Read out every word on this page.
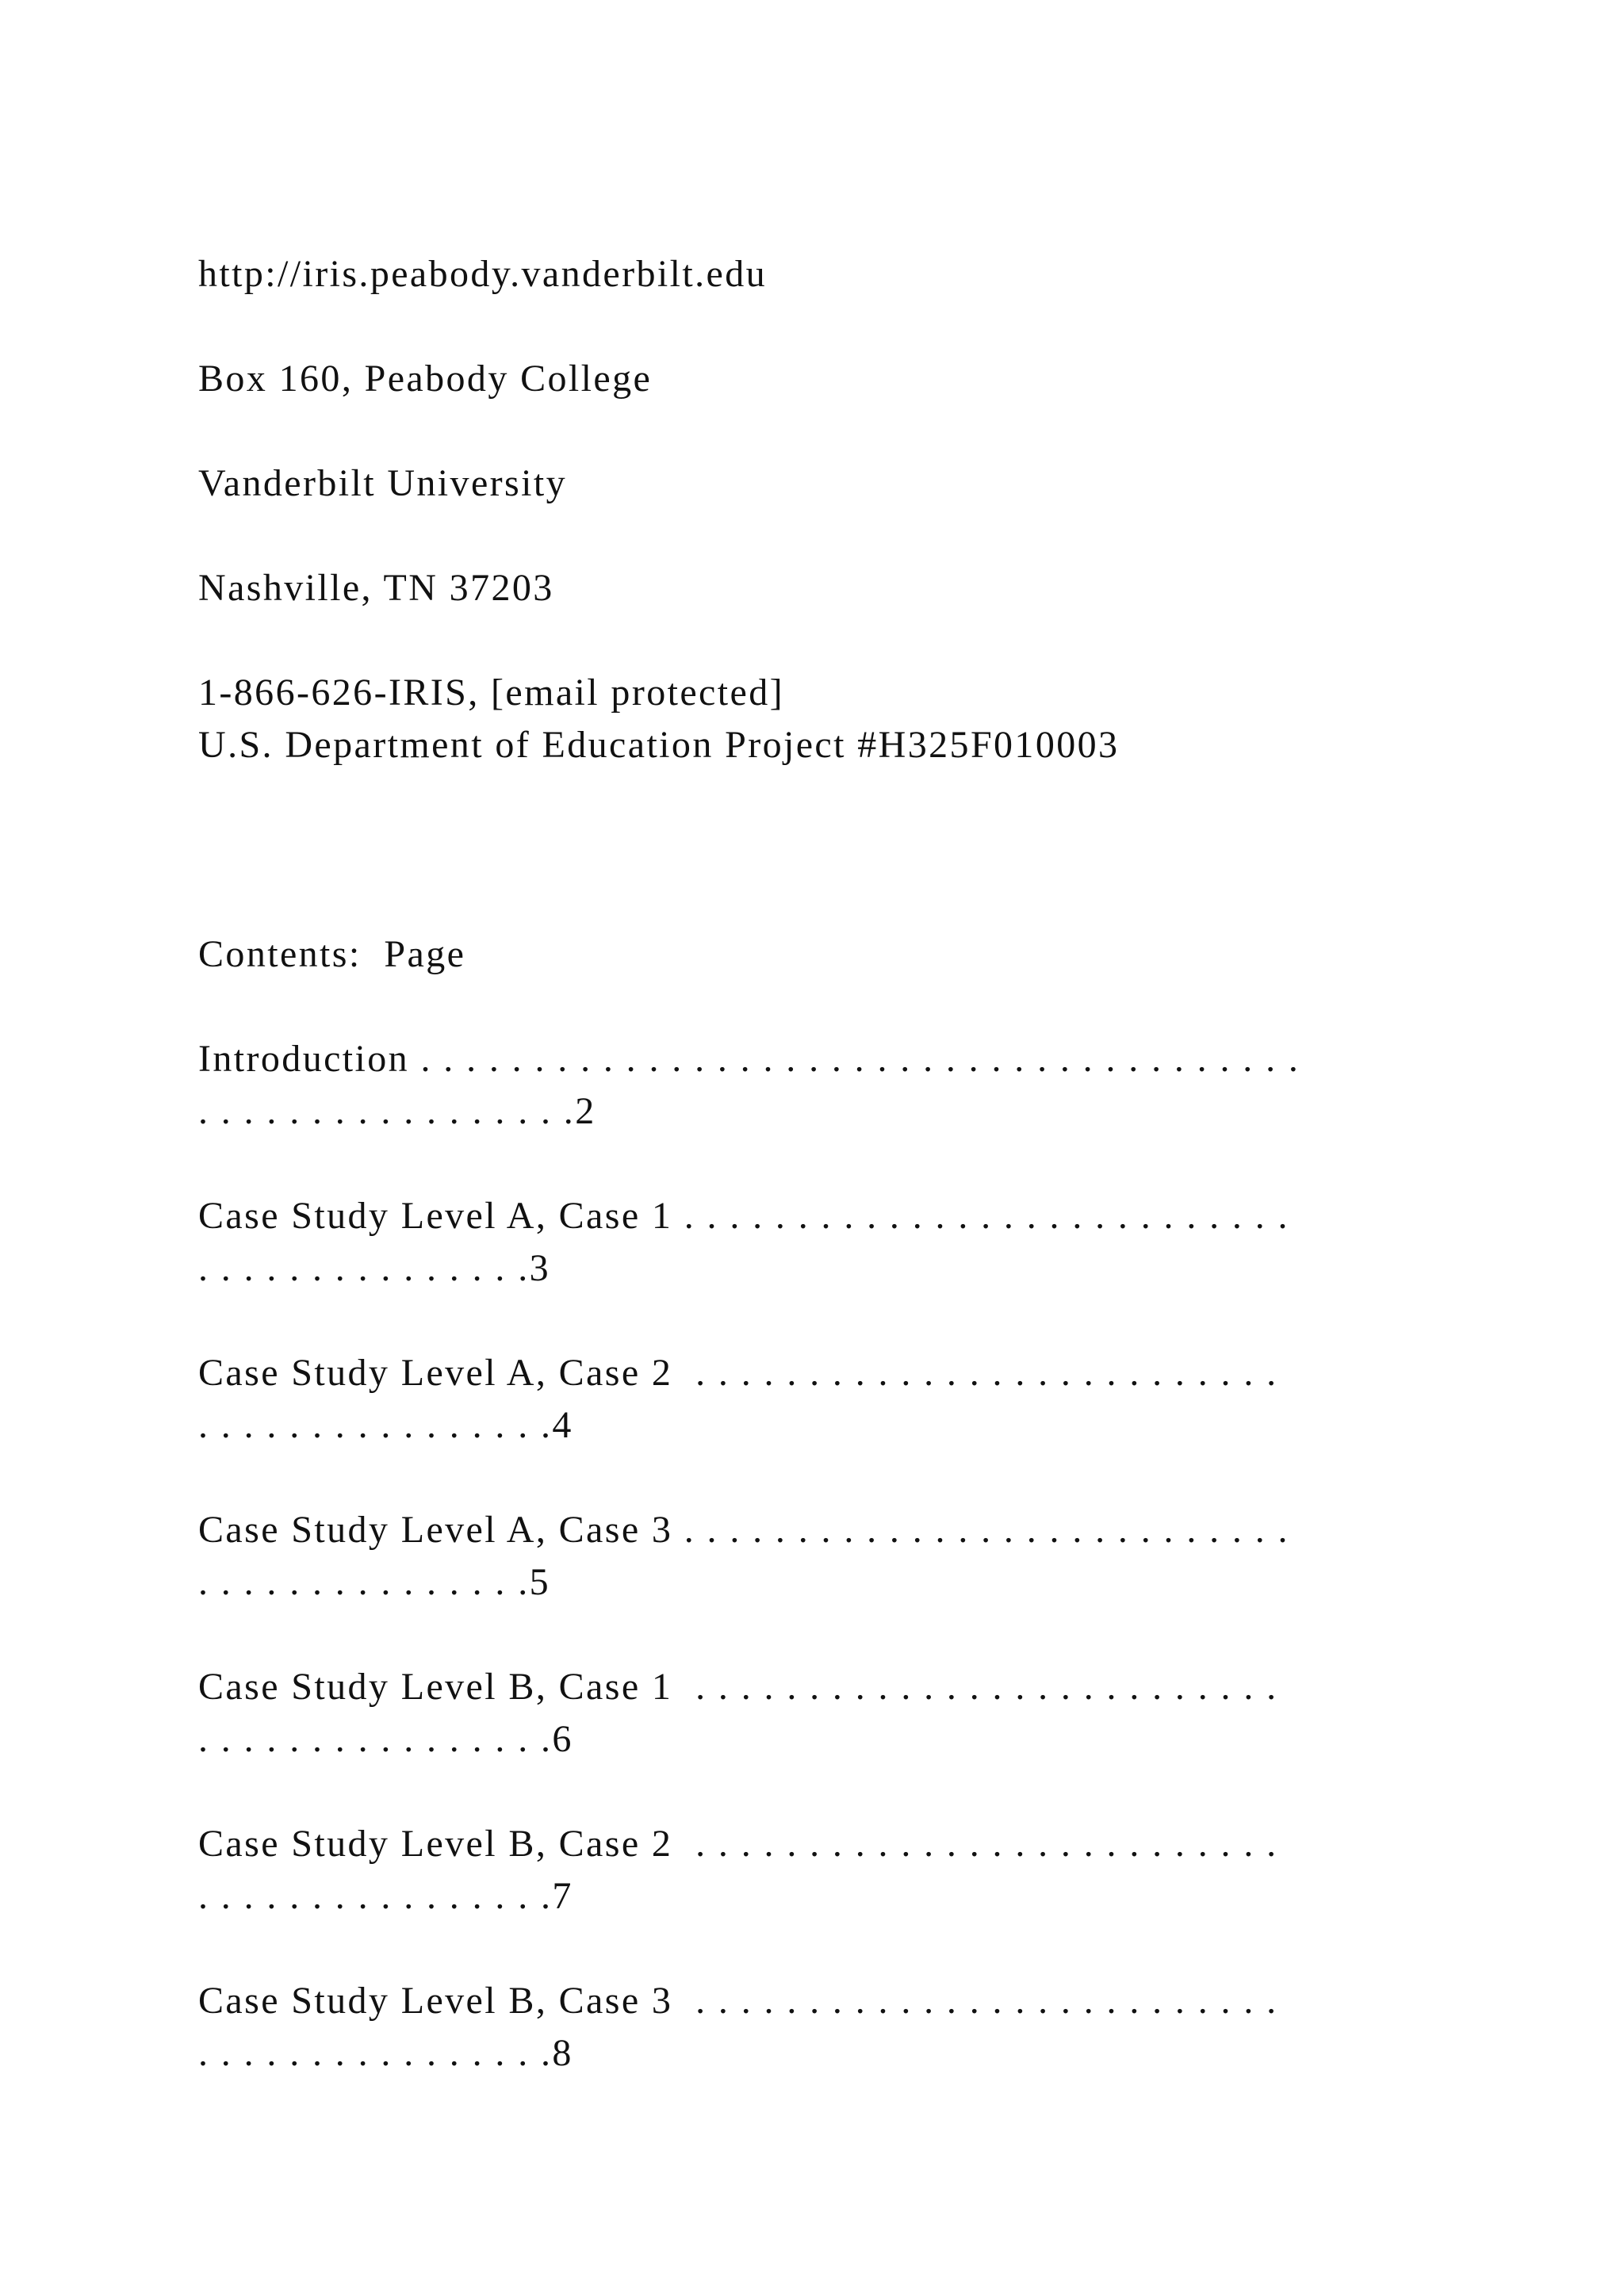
http://iris.peabody.vanderbilt.edu

Box 160, Peabody College

Vanderbilt University

Nashville, TN 37203

1-866-626-IRIS, [email protected]

U.S. Department of Education Project #H325F010003

Contents:  Page

Introduction . . . . . . . . . . . . . . . . . . . . . . . . . . . . . . . . . . . . . . .

. . . . . . . . . . . . . . . . .2

Case Study Level A, Case 1 . . . . . . . . . . . . . . . . . . . . . . . . . . .

. . . . . . . . . . . . . . .3

Case Study Level A, Case 2  . . . . . . . . . . . . . . . . . . . . . . . . . .

. . . . . . . . . . . . . . . .4

Case Study Level A, Case 3 . . . . . . . . . . . . . . . . . . . . . . . . . . .

. . . . . . . . . . . . . . .5

Case Study Level B, Case 1  . . . . . . . . . . . . . . . . . . . . . . . . . .

. . . . . . . . . . . . . . . .6

Case Study Level B, Case 2  . . . . . . . . . . . . . . . . . . . . . . . . . .

. . . . . . . . . . . . . . . .7

Case Study Level B, Case 3  . . . . . . . . . . . . . . . . . . . . . . . . . .

. . . . . . . . . . . . . . . .8
